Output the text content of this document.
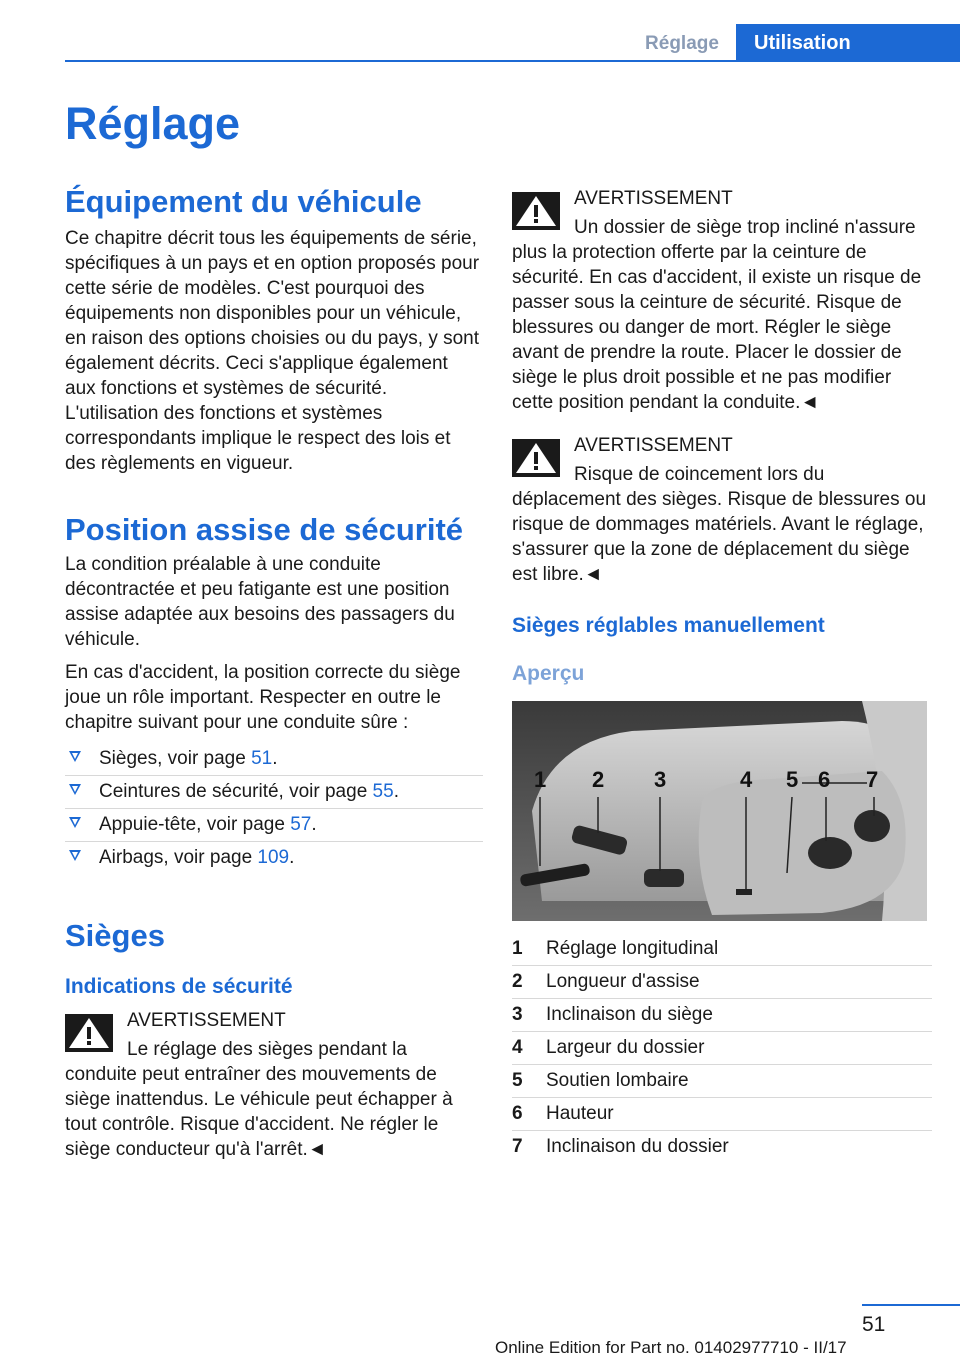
Réglage	Utilisation
Réglage
Équipement du véhicule

Ce chapitre décrit tous les équipements de série, spécifiques à un pays et en option proposés pour cette série de modèles. C'est pourquoi des équipements non disponibles pour un véhicule, en raison des options choisies ou du pays, y sont également décrits. Ceci s'applique également aux fonctions et systèmes de sécurité. L'utilisation des fonctions et systèmes correspondants implique le respect des lois et des règlements en vigueur.

Position assise de sécurité

La condition préalable à une conduite décontractée et peu fatigante est une position assise adaptée aux besoins des passagers du véhicule.

En cas d'accident, la position correcte du siège joue un rôle important. Respecter en outre le chapitre suivant pour une conduite sûre :

Sièges, voir page 51.
Ceintures de sécurité, voir page 55.
Appuie-tête, voir page 57.
Airbags, voir page 109.
Sièges
Indications de sécurité
AVERTISSEMENT

Le réglage des sièges pendant la conduite peut entraîner des mouvements de siège inattendus. Le véhicule peut échapper à tout contrôle. Risque d'accident. Ne régler le siège conducteur qu'à l'arrêt.◄

AVERTISSEMENT

Un dossier de siège trop incliné n'assure plus la protection offerte par la ceinture de sécurité. En cas d'accident, il existe un risque de passer sous la ceinture de sécurité. Risque de blessures ou danger de mort. Régler le siège avant de prendre la route. Placer le dossier de siège le plus droit possible et ne pas modifier cette position pendant la conduite.◄

AVERTISSEMENT

Risque de coincement lors du déplacement des sièges. Risque de blessures ou risque de dommages matériels. Avant le réglage, s'assurer que la zone de déplacement du siège est libre.◄

Sièges réglables manuellement
Aperçu
1 2 3	4 5 6 7
1	Réglage longitudinal
2	Longueur d'assise
3	Inclinaison du siège
4	Largeur du dossier
5	Soutien lombaire
6	Hauteur
7	Inclinaison du dossier
51
Online Edition for Part no. 01402977710 - II/17
